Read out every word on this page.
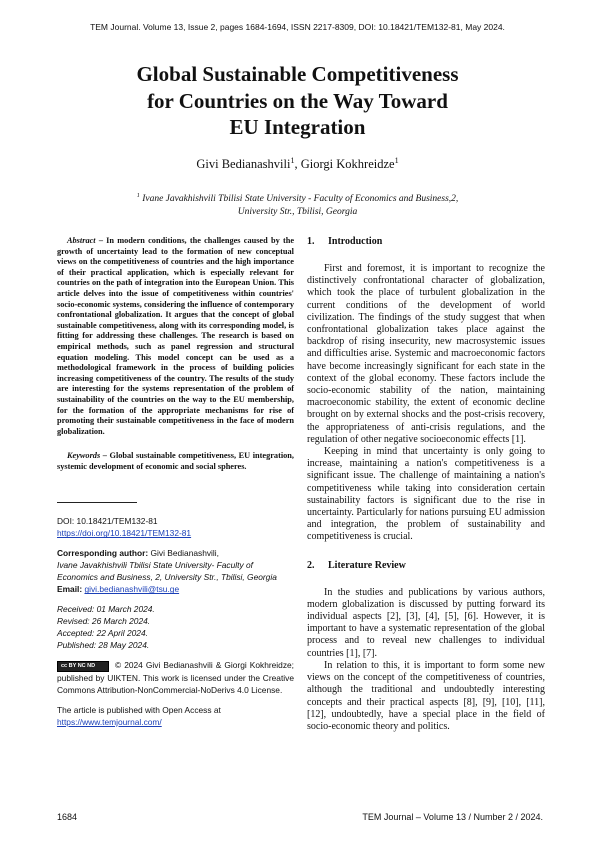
TEM Journal. Volume 13, Issue 2, pages 1684-1694, ISSN 2217-8309, DOI: 10.18421/TEM132-81, May 2024.
Global Sustainable Competitiveness
for Countries on the Way Toward
EU Integration
Givi Bedianashvili$^1$, Giorgi Kokhreidze$^1$
$^1$ Ivane Javakhishvili Tbilisi State University - Faculty of Economics and Business,2,
University Str., Tbilisi, Georgia

Abstract – In modern conditions, the challenges caused by the growth of uncertainty lead to the formation of new conceptual views on the competitiveness of countries and the high importance of their practical application, which is especially relevant for countries on the path of integration into the European Union. This article delves into the issue of competitiveness within countries' socio-economic systems, considering the influence of contemporary confrontational globalization. It argues that the concept of global sustainable competitiveness, along with its corresponding model, is fitting for addressing these challenges. The research is based on empirical methods, such as panel regression and structural equation modeling. This model concept can be used as a methodological framework in the process of building policies increasing competitiveness of the country. The results of the study are interesting for the systems representation of the problem of sustainability of the countries on the way to the EU membership, for the formation of the appropriate mechanisms for rise of promoting their sustainable competitiveness in the face of modern globalization.

Keywords – Global sustainable competitiveness, EU integration, systemic development of economic and social spheres.

DOI: 10.18421/TEM132-81

https://doi.org/10.18421/TEM132-81

Corresponding author: Givi Bedianashvili,

Ivane Javakhishvili Tbilisi State University- Faculty of Economics and Business, 2, University Str., Tbilisi, Georgia

Email: givi.bedianashvili@tsu.ge

Received: 01 March 2024.

Revised: 26 March 2024.

Accepted: 22 April 2024.

Published: 28 May 2024.

cc BY NC ND © 2024 Givi Bedianashvili & Giorgi Kokhreidze; published by UIKTEN. This work is licensed under the Creative Commons Attribution-NonCommercial-NoDerivs 4.0 License.

The article is published with Open Access at

https://www.temjournal.com/

1. Introduction

First and foremost, it is important to recognize the distinctively confrontational character of globalization, which took the place of turbulent globalization in the current conditions of the development of world civilization. The findings of the study suggest that when confrontational globalization takes place against the backdrop of rising insecurity, new macrosystemic issues and difficulties arise. Systemic and macroeconomic factors have become increasingly significant for each state in the context of the global economy. These factors include the socio-economic stability of the nation, maintaining macroeconomic stability, the extent of economic decline brought on by external shocks and the post-crisis recovery, the appropriateness of anti-crisis regulations, and the regulation of other negative socioeconomic effects [1].

Keeping in mind that uncertainty is only going to increase, maintaining a nation's competitiveness is a significant issue. The challenge of maintaining a nation's competitiveness while taking into consideration certain sustainability factors is significant due to the rise in uncertainty. Particularly for nations pursuing EU admission and integration, the problem of sustainability and competitiveness is crucial.

2. Literature Review

In the studies and publications by various authors, modern globalization is discussed by putting forward its individual aspects [2], [3], [4], [5], [6]. However, it is important to have a systematic representation of the global process and to reveal new challenges to individual countries [1], [7].

In relation to this, it is important to form some new views on the concept of the competitiveness of countries, although the traditional and undoubtedly interesting concepts and their practical aspects [8], [9], [10], [11], [12], undoubtedly, have a special place in the field of socio-economic theory and politics.

1684	TEM Journal – Volume 13 / Number 2 / 2024.
